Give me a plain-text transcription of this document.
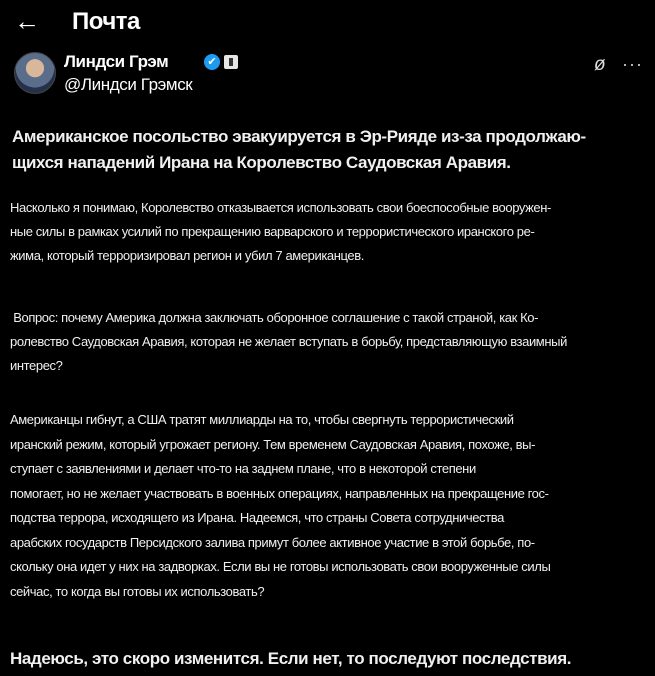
← Почта
Линдси Грэм	✔
@Линдси Грэмск
ø ···
Американское посольство эвакуируется в Эр-Рияде из-за продолжаю-
щихся нападений Ирана на Королевство Саудовская Аравия.
Насколько я понимаю, Королевство отказывается использовать свои боеспособные вооружен-
ные силы в рамках усилий по прекращению варварского и террористического иранского ре-
жима, который терроризировал регион и убил 7 американцев.
Вопрос: почему Америка должна заключать оборонное соглашение с такой страной, как Ко-
ролевство Саудовская Аравия, которая не желает вступать в борьбу, представляющую взаимный
интерес?
Американцы гибнут, а США тратят миллиарды на то, чтобы свергнуть террористический
иранский режим, который угрожает региону. Тем временем Саудовская Аравия, похоже, вы-
ступает с заявлениями и делает что-то на заднем плане, что в некоторой степени
помогает, но не желает участвовать в военных операциях, направленных на прекращение гос-
подства террора, исходящего из Ирана. Надеемся, что страны Совета сотрудничества
арабских государств Персидского залива примут более активное участие в этой борьбе, по-
скольку она идет у них на задворках. Если вы не готовы использовать свои вооруженные силы
сейчас, то когда вы готовы их использовать?
Надеюсь, это скоро изменится. Если нет, то последуют последствия.
